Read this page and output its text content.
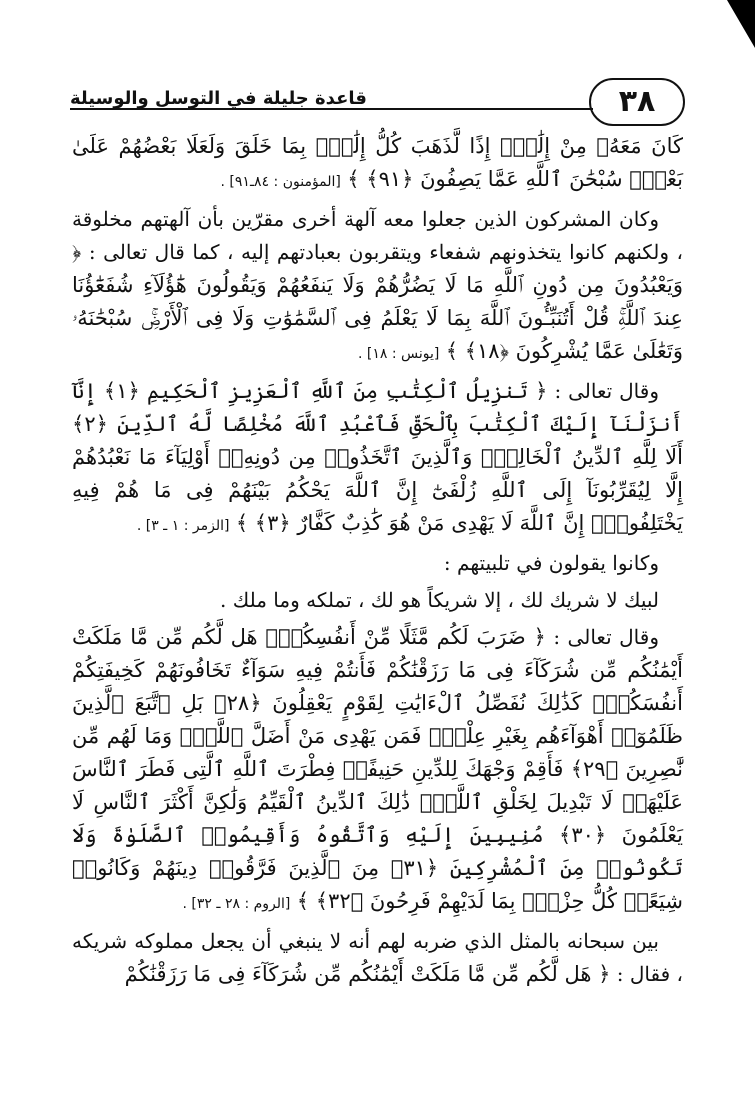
٣٨
قاعدة جليلة في التوسل والوسيلة

كَانَ مَعَهُۥ مِنْ إِلَٰهٍۚ إِذًا لَّذَهَبَ كُلُّ إِلَٰهٍۭ بِمَا خَلَقَ وَلَعَلَا بَعْضُهُمْ عَلَىٰ بَعْضٍۚ سُبْحَٰنَ ٱللَّهِ عَمَّا يَصِفُونَ ﴿٩١﴾ ﴾ [المؤمنون : ٨٤ـ٩١] .

وكان المشركون الذين جعلوا معه آلهة أخرى مقرّين بأن آلهتهم مخلوقة ، ولكنهم كانوا يتخذونهم شفعاء ويتقربون بعبادتهم إليه ، كما قال تعالى : ﴿ وَيَعْبُدُونَ مِن دُونِ ٱللَّهِ مَا لَا يَضُرُّهُمْ وَلَا يَنفَعُهُمْ وَيَقُولُونَ هَٰٓؤُلَآءِ شُفَعَٰٓؤُنَا عِندَ ٱللَّهِۚ قُلْ أَتُنَبِّـُٔونَ ٱللَّهَ بِمَا لَا يَعْلَمُ فِى ٱلسَّمَٰوَٰتِ وَلَا فِى ٱلْأَرْضِۚ سُبْحَٰنَهُۥ وَتَعَٰلَىٰ عَمَّا يُشْرِكُونَ ﴿١٨﴾ ﴾ [يونس : ١٨] .

وقال تعالى : ﴿ تَنزِيلُ ٱلْكِتَٰبِ مِنَ ٱللَّهِ ٱلْعَزِيزِ ٱلْحَكِيمِ ﴿١﴾ إِنَّآ أَنزَلْنَآ إِلَيْكَ ٱلْكِتَٰبَ بِٱلْحَقِّ فَٱعْبُدِ ٱللَّهَ مُخْلِصًا لَّهُ ٱلدِّينَ ﴿٢﴾ أَلَا لِلَّهِ ٱلدِّينُ ٱلْخَالِصُۚ وَٱلَّذِينَ ٱتَّخَذُوا۟ مِن دُونِهِۦٓ أَوْلِيَآءَ مَا نَعْبُدُهُمْ إِلَّا لِيُقَرِّبُونَآ إِلَى ٱللَّهِ زُلْفَىٰٓ إِنَّ ٱللَّهَ يَحْكُمُ بَيْنَهُمْ فِى مَا هُمْ فِيهِ يَخْتَلِفُونَۗ إِنَّ ٱللَّهَ لَا يَهْدِى مَنْ هُوَ كَٰذِبٌ كَفَّارٌ ﴿٣﴾ ﴾ [الزمر : ١ ـ ٣] .

وكانوا يقولون في تلبيتهم :

لبيك لا شريك لك ، إلا شريكاً هو لك ، تملكه وما ملك .

وقال تعالى : ﴿ ضَرَبَ لَكُم مَّثَلًا مِّنْ أَنفُسِكُمْۖ هَل لَّكُم مِّن مَّا مَلَكَتْ أَيْمَٰنُكُم مِّن شُرَكَآءَ فِى مَا رَزَقْنَٰكُمْ فَأَنتُمْ فِيهِ سَوَآءٌ تَخَافُونَهُمْ كَخِيفَتِكُمْ أَنفُسَكُمْۚ كَذَٰلِكَ نُفَصِّلُ ٱلْءَايَٰتِ لِقَوْمٍ يَعْقِلُونَ ﴿٢٨﴾ بَلِ ٱتَّبَعَ ٱلَّذِينَ ظَلَمُوٓا۟ أَهْوَآءَهُم بِغَيْرِ عِلْمٍۖ فَمَن يَهْدِى مَنْ أَضَلَّ ٱللَّهُۖ وَمَا لَهُم مِّن نَّٰصِرِينَ ﴿٢٩﴾ فَأَقِمْ وَجْهَكَ لِلدِّينِ حَنِيفًاۚ فِطْرَتَ ٱللَّهِ ٱلَّتِى فَطَرَ ٱلنَّاسَ عَلَيْهَاۚ لَا تَبْدِيلَ لِخَلْقِ ٱللَّهِۚ ذَٰلِكَ ٱلدِّينُ ٱلْقَيِّمُ وَلَٰكِنَّ أَكْثَرَ ٱلنَّاسِ لَا يَعْلَمُونَ ﴿٣٠﴾ مُنِيبِينَ إِلَيْهِ وَٱتَّقُوهُ وَأَقِيمُوا۟ ٱلصَّلَوٰةَ وَلَا تَكُونُوا۟ مِنَ ٱلْمُشْرِكِينَ ﴿٣١﴾ مِنَ ٱلَّذِينَ فَرَّقُوا۟ دِينَهُمْ وَكَانُوا۟ شِيَعًاۖ كُلُّ حِزْبٍۭ بِمَا لَدَيْهِمْ فَرِحُونَ ﴿٣٢﴾ ﴾ [الروم : ٢٨ ـ ٣٢] .

بين سبحانه بالمثل الذي ضربه لهم أنه لا ينبغي أن يجعل مملوكه شريكه ، فقال : ﴿ هَل لَّكُم مِّن مَّا مَلَكَتْ أَيْمَٰنُكُم مِّن شُرَكَآءَ فِى مَا رَزَقْنَٰكُمْ
